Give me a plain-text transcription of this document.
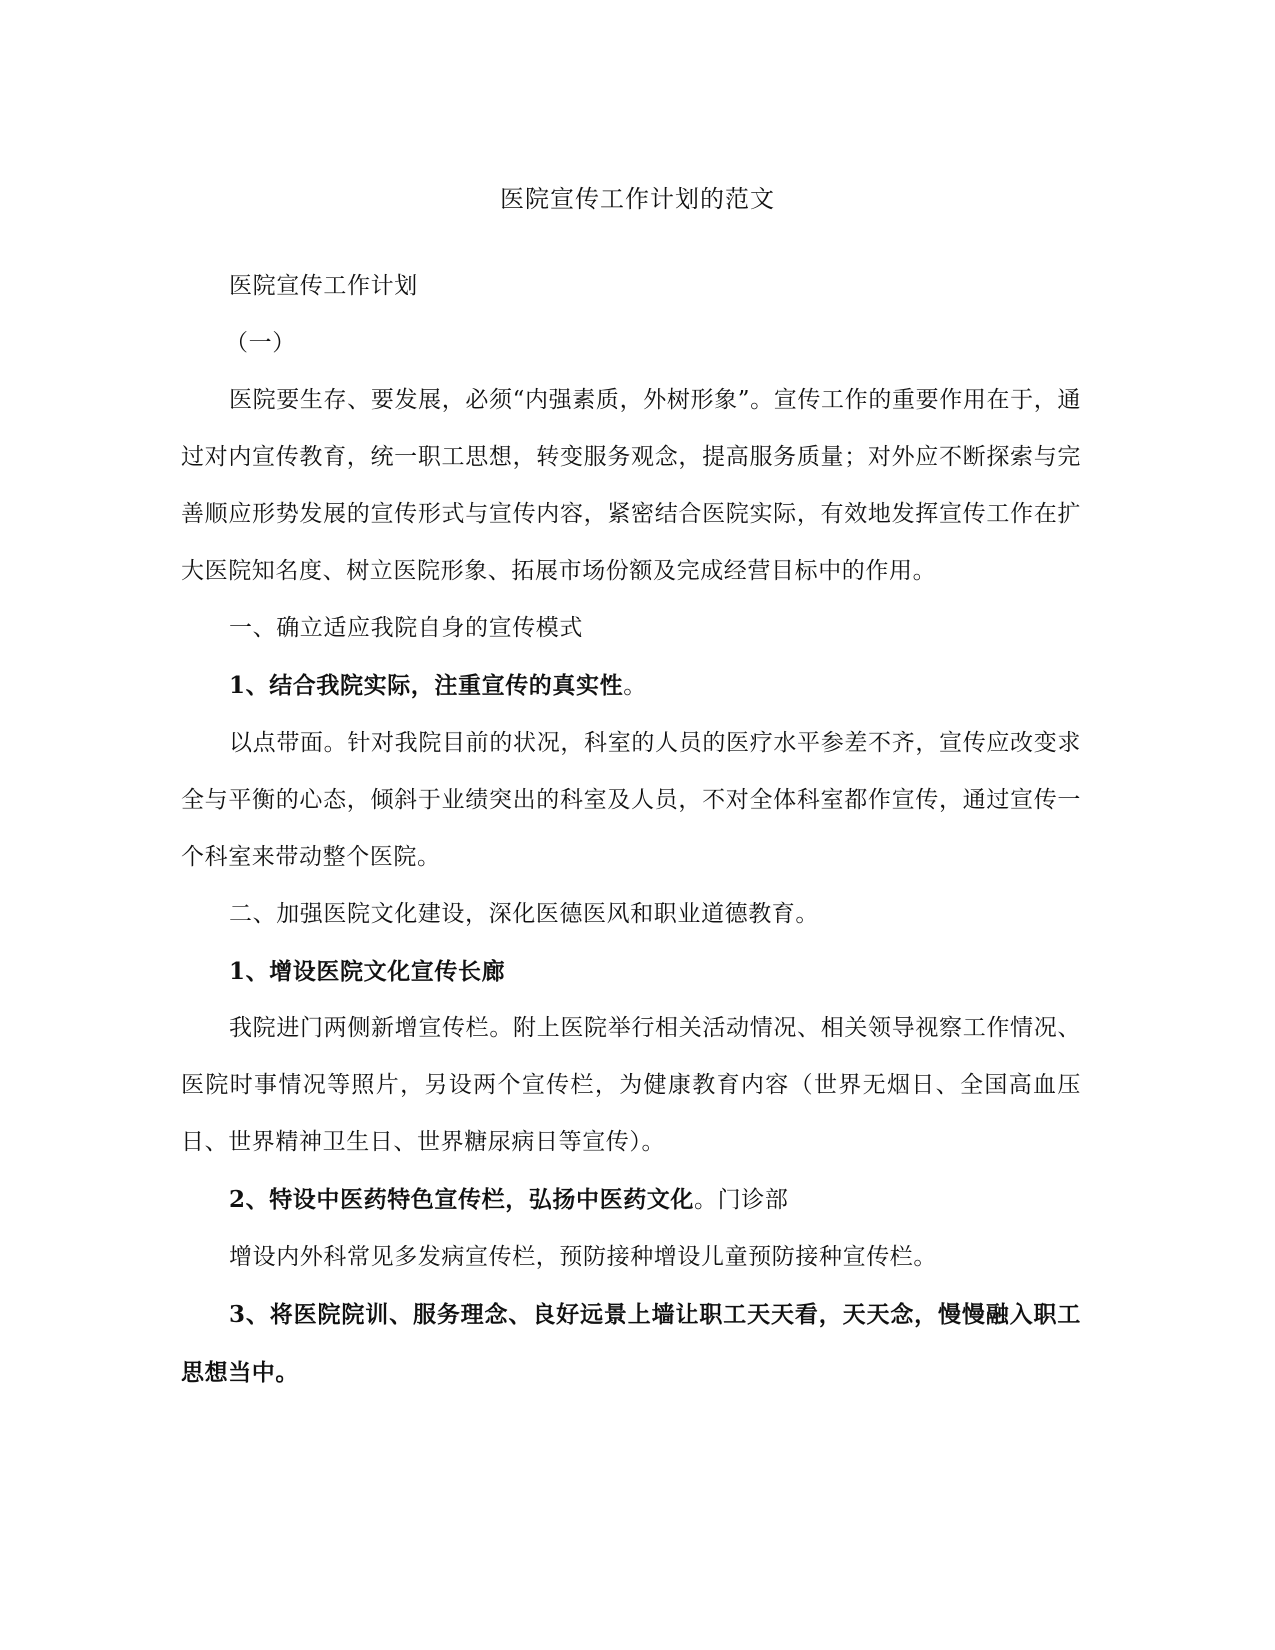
医院宣传工作计划的范文

医院宣传工作计划

（一）

医院要生存、要发展，必须“内强素质，外树形象”。宣传工作的重要作用在于，通过对内宣传教育，统一职工思想，转变服务观念，提高服务质量；对外应不断探索与完善顺应形势发展的宣传形式与宣传内容，紧密结合医院实际，有效地发挥宣传工作在扩大医院知名度、树立医院形象、拓展市场份额及完成经营目标中的作用。

一、确立适应我院自身的宣传模式

1、结合我院实际，注重宣传的真实性。

以点带面。针对我院目前的状况，科室的人员的医疗水平参差不齐，宣传应改变求全与平衡的心态，倾斜于业绩突出的科室及人员，不对全体科室都作宣传，通过宣传一个科室来带动整个医院。

二、加强医院文化建设，深化医德医风和职业道德教育。

1、增设医院文化宣传长廊

我院进门两侧新增宣传栏。附上医院举行相关活动情况、相关领导视察工作情况、医院时事情况等照片，另设两个宣传栏，为健康教育内容（世界无烟日、全国高血压日、世界精神卫生日、世界糖尿病日等宣传）。

2、特设中医药特色宣传栏，弘扬中医药文化。门诊部

增设内外科常见多发病宣传栏，预防接种增设儿童预防接种宣传栏。

3、将医院院训、服务理念、良好远景上墙让职工天天看，天天念，慢慢融入职工思想当中。
